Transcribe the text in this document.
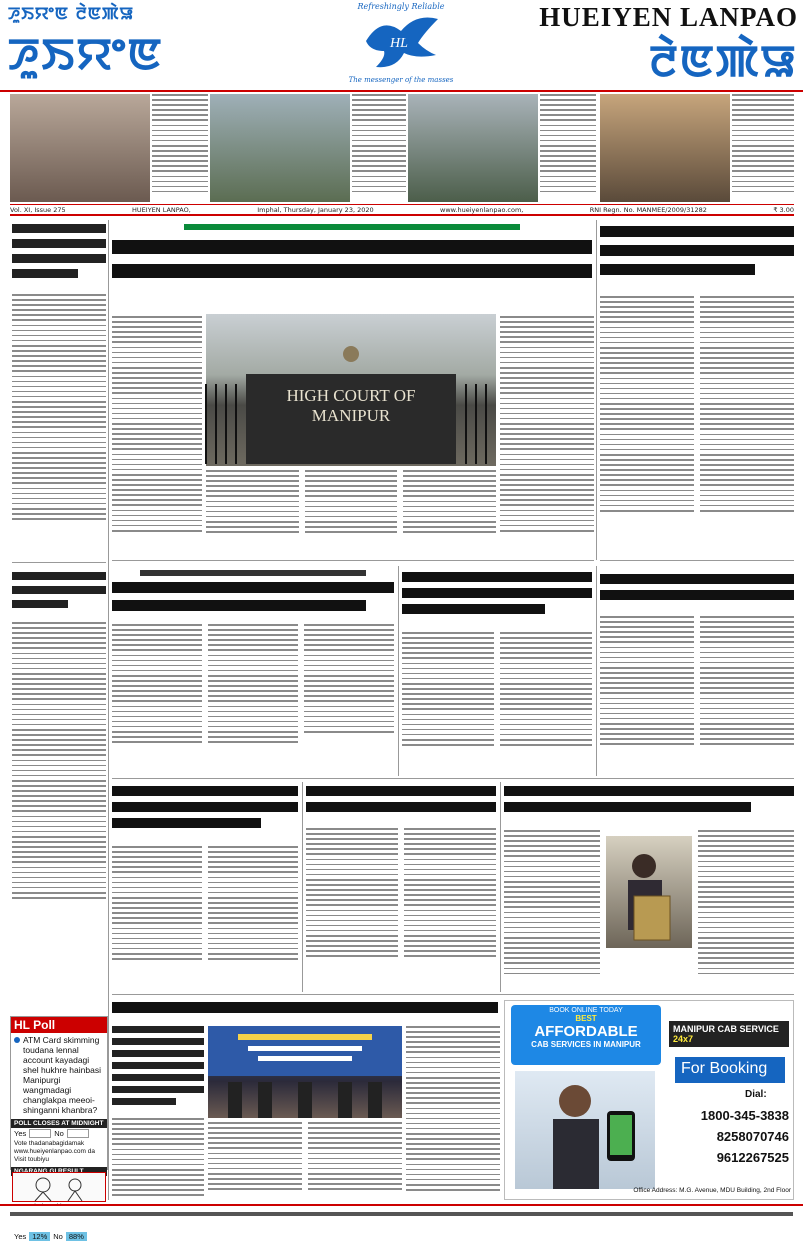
ꯍꯨꯏꯌꯦꯟ ꯂꯥꯟꯄꯥꯎ
ꯍꯨꯏꯌꯦꯟ
Refreshingly Reliable
HL
The messenger of the masses
HUEIYEN LANPAO
ꯂꯥꯟꯄꯥꯎ
Vol. XI, Issue 275	HUEIYEN LANPAO,	Imphal, Thursday, January 23, 2020	www.hueiyenlanpao.com,	RNI Regn. No. MANMEE/2009/31282	₹ 3.00
HL Poll
ATM Card skimming toudana lennal account kayadagi shel hukhre hainbasi Manipurgi wangmadagi changlakpa meeoi-shinganni khanbra?
POLL CLOSES AT MIDNIGHT
Yes	No
Vote thadanabagidamak www.hueiyenlanpao.com da Visit toubiyu
Yes 12% No 88%
HIGH COURT OF
MANIPUR
BOOK ONLINE TODAY
BEST
AFFORDABLE
CAB SERVICES IN MANIPUR
MANIPUR CAB SERVICE 24x7
For Booking
Dial:
1800-345-3838
8258070746
9612267525
Office Address: M.G. Avenue, MDU Building, 2nd Floor
